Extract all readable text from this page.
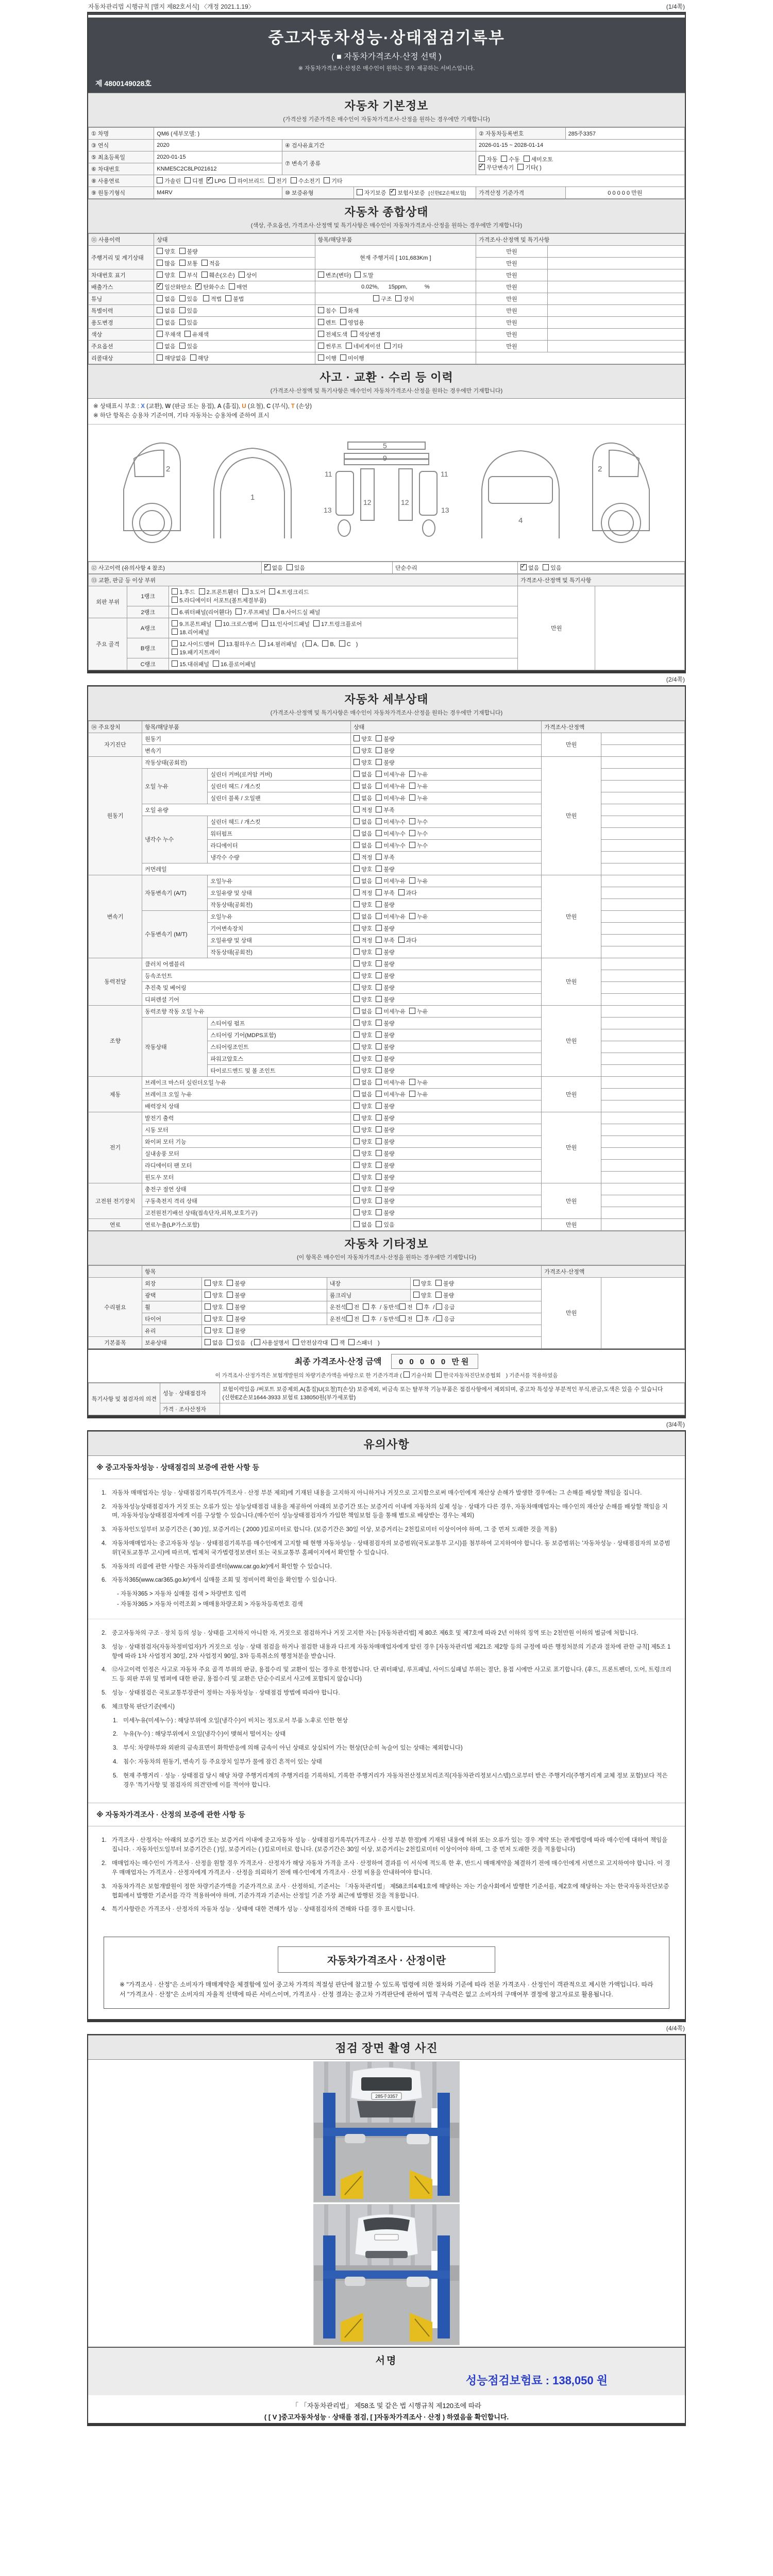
자동차관리법 시행규칙 [별지 제82호서식] 〈개정 2021.1.19〉	(1/4쪽)
중고자동차성능·상태점검기록부
( ■ 자동차가격조사·산정 선택 )
※ 자동차가격조사·산정은 매수인이 원하는 경우 제공하는 서비스입니다.
제 4800149028호
자동차 기본정보
(가격산정 기준가격은 매수인이 자동차가격조사·산정을 원하는 경우에만 기재합니다)
① 차명	QM6 (세부모델: )			② 자동차등록번호	285주3357
③ 연식	2020	④ 검사유효기간		2026-01-15 ~ 2028-01-14	
⑤ 최초등록일	2020-01-15	⑦ 변속기 종류		자동 수동 세미오토
✓무단변속기 기타( )
⑥ 차대번호	KNME5C2C8LP021612				
⑧ 사용연료	가솔린 디젤 ✓ LPG 하이브리드 전기 수소전기 기타
⑨ 원동기형식	M4RV	⑩ 보증유형	자기보증 ✓ 보험사보증 [신한EZ손해보험]	가격산정 기준가격	0 0 0 0 0 만원
자동차 종합상태
(색상, 주요옵션, 가격조사·산정액 및 특기사항은 매수인이 자동차가격조사·산정을 원하는 경우에만 기재합니다)
⑪ 사용이력	상태	항목/해당부품	가격조사·산정액 및 특기사항	
주행거리 및 계기상태	양호 불량	현재 주행거리 [ 101,683Km ]	만원	
	많음 보통 적음		만원	
차대번호 표기	양호 부식 훼손(오손) 상이	변조(변타) 도말	만원	
배출가스	✓일산화탄소 ✓ 탄화수소 매연	0.02%,      15ppm,           %	만원	
튜닝	없음 있음 적법 불법	구조 장치	만원	
특별이력	없음 있음	침수 화재	만원	
용도변경	없음 있음	렌트 영업용	만원	
색상	무채색 유채색	전체도색 색상변경	만원	
주요옵션	없음 있음	썬루프 네비게이션 기타	만원	
리콜대상	해당없음 해당	이행 미이행		
사고 · 교환 · 수리 등 이력
(가격조사·산정액 및 특기사항은 매수인이 자동차가격조사·산정을 원하는 경우에만 기재합니다)
※ 상태표시 부호 : X (교환), W (판금 또는 용접), A (흠집), U (요철), C (부식), T (손상)
※ 하단 항목은 승용차 기준이며, 기타 자동차는 승용차에 준하여 표시
2
1
11	11
13	13
12	12
9
5
4
2
⑫ 사고이력 (유의사항 4 참조)	✓없음 있음	단순수리	✓없음 있음
⑬ 교환, 판금 등 이상 부위			가격조사·산정액 및 특기사항	
외판 부위	1랭크	1.후드 2.프론트휀더 3.도어 4.트렁크리드
5.라디에이터 서포트(볼트체결부품)	만원	
	2랭크	6.쿼터패널(리어휀다) 7.루프패널 8.사이드실 패널		
주요 골격	A랭크	9.프론트패널 10.크로스멤버 11.인사이드패널 17.트렁크플로어
18.리어패널		
	B랭크	12.사이드멤버 13.휠하우스 14.필러패널 ( A, B, C )
19.패키지트레이		
	C랭크	15.대쉬패널 16.플로어패널		
(2/4쪽)
자동차 세부상태
(가격조사·산정액 및 특기사항은 매수인이 자동차가격조사·산정을 원하는 경우에만 기재합니다)
⑭ 주요장치	항목/해당부품		상태	가격조사·산정액	
자기진단	원동기		양호 불량	만원	
	변속기		양호 불량		
원동기	작동상태(공회전)		양호 불량	만원	
	오일 누유	실린더 커버(로커암 커버)	없음 미세누유 누유		
		실린더 헤드 / 개스킷	없음 미세누유 누유		
		실린더 블록 / 오일팬	없음 미세누유 누유		
	오일 유량		적정 부족		
	냉각수 누수	실린더 헤드 / 개스킷	없음 미세누수 누수		
		워터펌프	없음 미세누수 누수		
		라디에이터	없음 미세누수 누수		
		냉각수 수량	적정 부족		
	커먼레일		양호 불량		
변속기	자동변속기 (A/T)	오일누유	없음 미세누유 누유	만원	
		오일유량 및 상태	적정 부족 과다		
		작동상태(공회전)	양호 불량		
	수동변속기 (M/T)	오일누유	없음 미세누유 누유		
		기어변속장치	양호 불량		
		오일유량 및 상태	적정 부족 과다		
		작동상태(공회전)	양호 불량		
동력전달	클러치 어셈블리		양호 불량	만원	
	등속조인트		양호 불량		
	추진축 및 베어링		양호 불량		
	디퍼렌셜 기어		양호 불량		
조향	동력조향 작동 오일 누유		없음 미세누유 누유	만원	
	작동상태	스티어링 펌프	양호 불량		
		스티어링 기어(MDPS포함)	양호 불량		
		스티어링조인트	양호 불량		
		파워고압호스	양호 불량		
		타이로드엔드 및 볼 조인트	양호 불량		
제동	브레이크 마스터 실린더오일 누유		없음 미세누유 누유	만원	
	브레이크 오일 누유		없음 미세누유 누유		
	배력장치 상태		양호 불량		
전기	발전기 출력		양호 불량	만원	
	시동 모터		양호 불량		
	와이퍼 모터 기능		양호 불량		
	실내송풍 모터		양호 불량		
	라디에이터 팬 모터		양호 불량		
	윈도우 모터		양호 불량		
고전원 전기장치	충전구 절연 상태		양호 불량	만원	
	구동축전지 격리 상태		양호 불량		
	고전원전기배선 상태(접속단자,피복,보호기구)		양호 불량		
연료	연료누출(LP가스포함)		없음 있음	만원	
자동차 기타정보
(이 항목은 매수인이 자동차가격조사·산정을 원하는 경우에만 기재합니다)
	항목				가격조사·산정액	
수리필요	외장	양호 불량	내장	양호 불량	만원	
	광택	양호 불량	룸크리닝	양호 불량		
	휠	양호 불량	운전석 전 후 / 동반석 전 후 / 응급			
	타이어	양호 불량	운전석 전 후 / 동반석 전 후 / 응급			
	유리	양호 불량				
기본품목	보유상태	없음 있음 ( 사용설명서 안전삼각대 잭 스패너 )				
최종 가격조사·산정 금액 0 0 0 0 0 만원
이 가격조사·산정가격은 보험개발원의 차량기준가액을 바탕으로 한 기준가격과 ( 기술사회 한국자동차진단보증협회 ) 기준서를 적용하였음
특기사항 및 점검자의 의견	성능 · 상태점검자	보험이력있음 /써포트 보증제외,A(흠집)U(요철)T(손상) 보증제외, 비금속 또는 탈부착 기능부품은 점검사항에서 제외되며, 중고차 특성상 부분적인 부식,판금,도색은 있을 수 있습니다(신한EZ손보1644-3933 보험료 138050원(부가세포함)
	가격 · 조사산정자	
(3/4쪽)
유의사항
※ 중고자동차성능 · 상태점검의 보증에 관한 사항 등
1. 자동차 매매업자는 성능 · 상태점검기록부(가격조사 · 산정 부분 제외)에 기재된 내용을 고지하지 아니하거나 거짓으로 고지함으로써 매수인에게 재산상 손해가 발생한 경우에는 그 손해를 배상할 책임을 집니다.
2. 자동차성능상태점검자가 거짓 또는 오류가 있는 성능상태점검 내용을 제공하여 아래의 보증기간 또는 보증거리 이내에 자동차의 실제 성능 · 상태가 다른 경우, 자동차매매업자는 매수인의 재산상 손해를 배상할 책임을 지며, 자동차성능상태점검자에게 이를 구상할 수 있습니다.(매수인이 성능상태점검자가 가입한 책임보험 등을 통해 별도로 배상받는 경우는 제외)
3. 자동차인도일부터 보증기간은 ( 30 )일, 보증거리는 ( 2000 )킬로미터로 합니다. (보증기간은 30일 이상, 보증거리는 2천킬로미터 이상이어야 하며, 그 중 먼저 도래한 것을 적용)
4. 자동차매매업자는 중고자동차 성능 · 상태점검기록부를 매수인에게 고지할 때 현행 자동차성능 · 상태점검자의 보증범위(국토교통부 고시)를 첨부하여 고지하여야 합니다. 동 보증범위는 '자동차성능 · 상태점검자의 보증범위'(국토교통부 고시)에 따르며, 법제처 국가법령정보센터 또는 국토교통부 홈페이지에서 확인할 수 있습니다.
5. 자동차의 리콜에 관한 사항은 자동차리콜센터(www.car.go.kr)에서 확인할 수 있습니다.
6. 자동차365(www.car365.go.kr)에서 실매물 조회 및 정비이력 확인을 확인할 수 있습니다.
- 자동차365 > 자동차 실매물 검색 > 차량번호 입력
- 자동차365 > 자동차 이력조회 > 매매용차량조회 > 자동차등록번호 검색
2. 중고자동차의 구조 · 장치 등의 성능 · 상태를 고지하지 아니한 자, 거짓으로 점검하거나 거짓 고지한 자는 [자동차관리법] 제 80조 제6호 및 제7호에 따라 2년 이하의 징역 또는 2천만원 이하의 벌금에 처합니다.
3. 성능 · 상태점검자(자동차정비업자)가 거짓으로 성능 · 상태 점검을 하거나 점검한 내용과 다르게 자동차매매업자에게 알린 경우 [자동차관리법 제21조 제2항 등의 규정에 따른 행정처분의 기준과 절차에 관한 규칙] 제5조 1항에 따라 1차 사업정지 30일, 2차 사업정지 90일, 3차 등록취소의 행정처분을 받습니다.
4. ⑫사고이력 인정은 사고로 자동차 주요 골격 부위의 판금, 용접수리 및 교환이 있는 경우로 한정합니다. 단 쿼터패널, 루프패널, 사이드실패널 부위는 절단, 용접 시에만 사고로 표기합니다. (후드, 프론트펜더, 도어, 트렁크리드 등 외판 부위 및 범퍼에 대한 판금, 용접수리 및 교환은 단순수리로서 사고에 포함되지 않습니다)
5. 성능 · 상태점검은 국토교통부장관이 정하는 자동차성능 · 상태점검 방법에 따라야 합니다.
6. 체크항목 판단기준(예시)
1. 미세누유(미세누수) : 해당부위에 오일(냉각수)이 비치는 정도로서 부품 노후로 인한 현상
2. 누유(누수) : 해당부위에서 오일(냉각수)이 맺혀서 떨어지는 상태
3. 부식: 차량하부와 외판의 금속표면이 화학반응에 의해 금속이 아닌 상태로 상실되어 가는 현상(단순히 녹슬어 있는 상태는 제외합니다)
4. 침수: 자동차의 원동기, 변속기 등 주요장치 일부가 물에 잠긴 흔적이 있는 상태
5. 현재 주행거리 · 성능 · 상태점검 당시 해당 차량 주행거리계의 주행거리를 기록하되, 기록한 주행거리가 자동차전산정보처리조직(자동차관리정보시스템)으로부터 받은 주행거리(주행거리계 교체 정보 포함)보다 적은 경우 '특기사항 및 점검자의 의견'란에 이를 적어야 합니다.
※ 자동차가격조사 · 산정의 보증에 관한 사항 등
1. 가격조사 · 산정자는 아래의 보증기간 또는 보증거리 이내에 중고자동차 성능 · 상태점검기록부(가격조사 · 산정 부분 한정)에 기재된 내용에 허위 또는 오류가 있는 경우 계약 또는 관계법령에 따라 매수인에 대하여 책임을 집니다. · 자동차인도일부터 보증기간은 ( )일, 보증거리는 ( )킬로미터로 합니다. (보증기간은 30일 이상, 보증거리는 2천킬로미터 이상이어야 하며, 그 중 먼저 도래한 것을 적용합니다)
2. 매매업자는 매수인이 가격조사 · 산정을 원할 경우 가격조사 · 산정자가 해당 자동차 가격을 조사 · 산정하여 결과를 이 서식에 적도록 한 후, 반드시 매매계약을 체결하기 전에 매수인에게 서면으로 고지하여야 합니다. 이 경우 매매업자는 가격조사 · 산정자에게 가격조사 · 산정을 의뢰하기 전에 매수인에게 가격조사 · 산정 비용을 안내하여야 합니다.
3. 자동차가격은 보험개발원이 정한 차량기준가액을 기준가격으로 조사 · 산정하되, 기준서는 「자동차관리법」 제58조의4제1호에 해당하는 자는 기술사회에서 발행한 기준서를, 제2호에 해당하는 자는 한국자동차진단보증협회에서 발행한 기준서를 각각 적용하여야 하며, 기준가격과 기준서는 산정일 기준 가장 최근에 발행된 것을 적용합니다.
4. 특기사항란은 가격조사 · 산정자의 자동차 성능 · 상태에 대한 견해가 성능 · 상태점검자의 견해와 다를 경우 표시합니다.
자동차가격조사 · 산정이란
※ "가격조사 · 산정"은 소비자가 매매계약을 체결함에 있어 중고차 가격의 적절성 판단에 참고할 수 있도록 법령에 의한 절차와 기준에 따라 전문 가격조사 · 산정인이 객관적으로 제시한 가액입니다. 따라서 "가격조사 · 산정"은 소비자의 자율적 선택에 따른 서비스이며, 가격조사 · 산정 결과는 중고차 가격판단에 관하여 법적 구속력은 없고 소비자의 구매여부 결정에 참고자료로 활용됩니다.
(4/4쪽)
점검 장면 촬영 사진
285주3357
서명
성능점검보험료 : 138,050 원
「 「자동차관리법」 제58조 및 같은 법 시행규칙 제120조에 따라
( [ V ]중고자동차성능 · 상태를 점검, [ ]자동차가격조사 · 산정 ) 하였음을 확인합니다.
